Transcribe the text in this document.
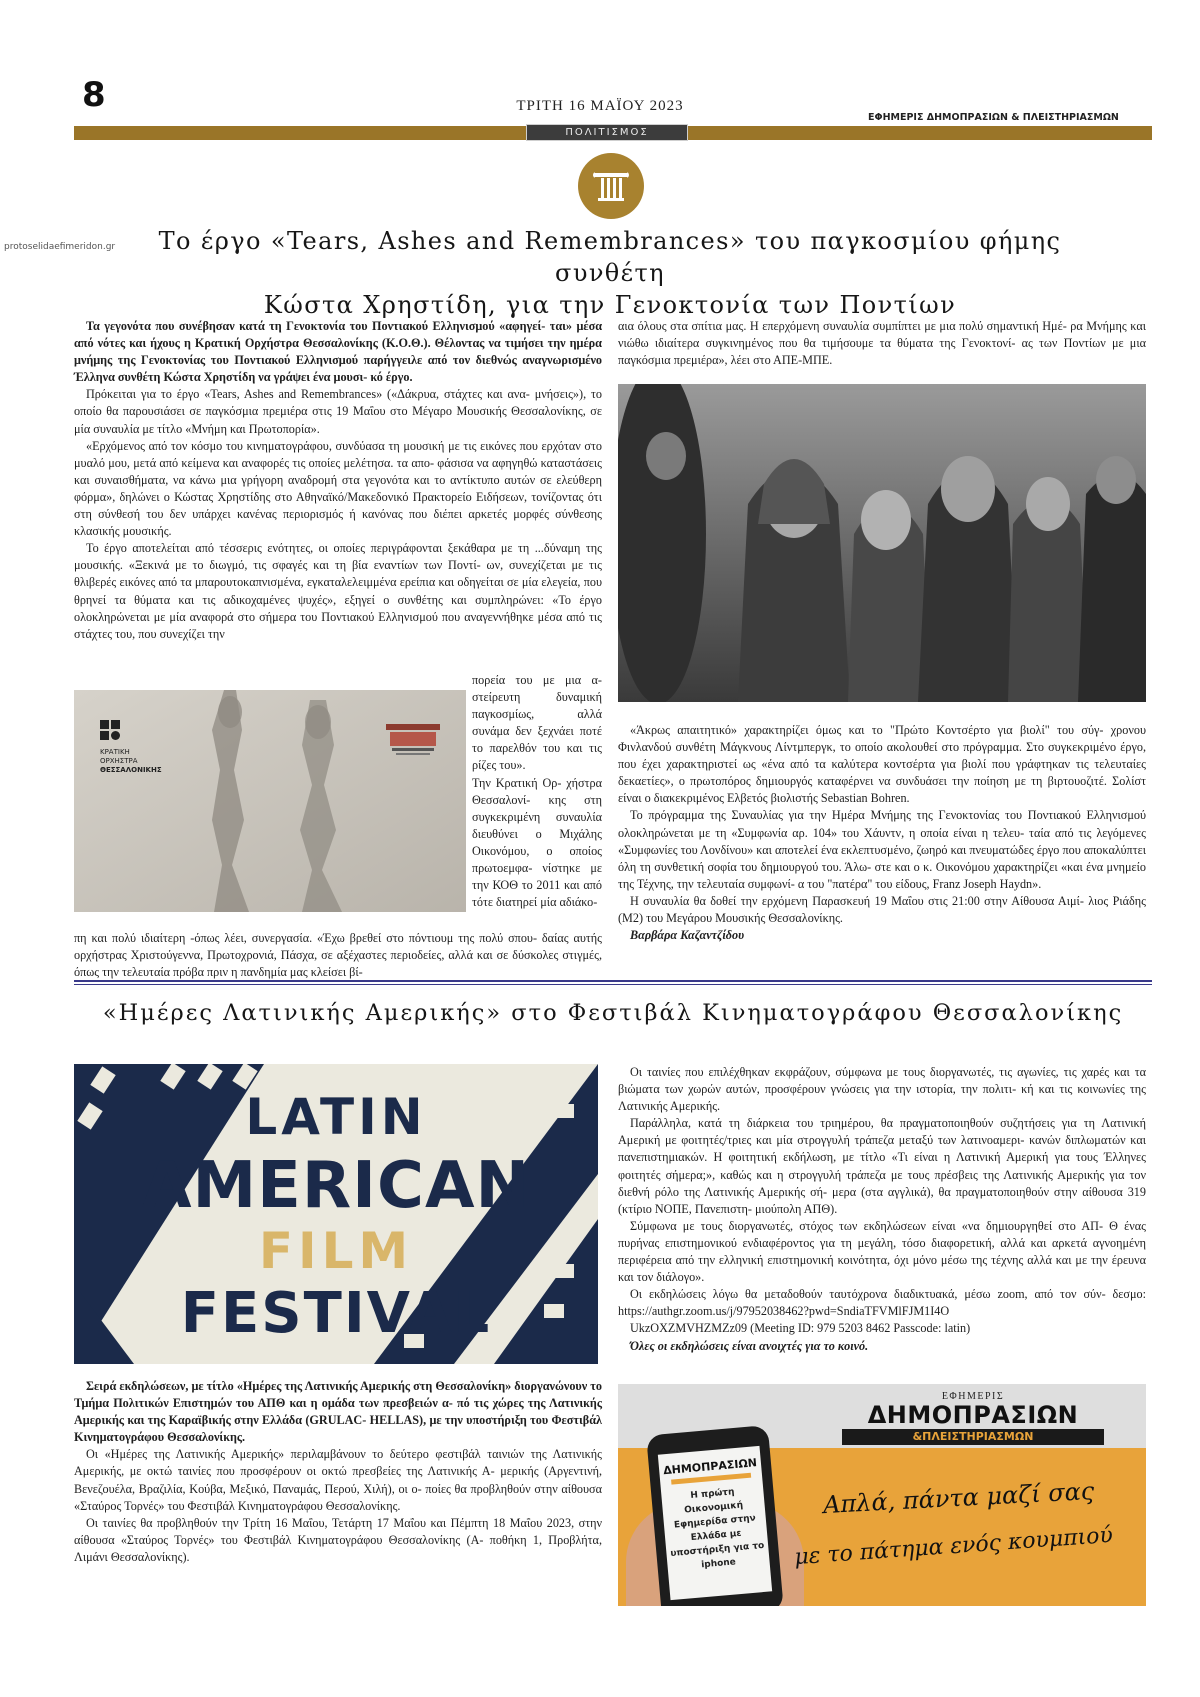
8	ΤΡΙΤΗ 16 ΜΑΪΟΥ 2023
ΕΦΗΜΕΡΙΣ ΔΗΜΟΠΡΑΣΙΩΝ & ΠΛΕΙΣΤΗΡΙΑΣΜΩΝ
ΠΟΛΙΤΙΣΜΟΣ
protoselidaefimeridon.gr	Το έργο «Tears, Ashes and Remembrances» του παγκοσμίου φήμης συνθέτη
Κώστα Χρηστίδη, για την Γενοκτονία των Ποντίων

Τα γεγονότα που συνέβησαν κατά τη Γενοκτονία του Ποντιακού Ελληνισμού «αφηγεί- ται» μέσα από νότες και ήχους η Κρατική Ορχήστρα Θεσσαλονίκης (Κ.Ο.Θ.). Θέλοντας να τιμήσει την ημέρα μνήμης της Γενοκτονίας του Ποντιακού Ελληνισμού παρήγγειλε από τον διεθνώς αναγνωρισμένο Έλληνα συνθέτη Κώστα Χρηστίδη να γράψει ένα μουσι- κό έργο.

Πρόκειται για το έργο «Tears, Ashes and Remembrances» («Δάκρυα, στάχτες και ανα- μνήσεις»), το οποίο θα παρουσιάσει σε παγκόσμια πρεμιέρα στις 19 Μαΐου στο Μέγαρο Μουσικής Θεσσαλονίκης, σε μία συναυλία με τίτλο «Μνήμη και Πρωτοπορία».

«Ερχόμενος από τον κόσμο του κινηματογράφου, συνδύασα τη μουσική με τις εικόνες που ερχόταν στο μυαλό μου, μετά από κείμενα και αναφορές τις οποίες μελέτησα. τα απο- φάσισα να αφηγηθώ καταστάσεις και συναισθήματα, να κάνω μια γρήγορη αναδρομή στα γεγονότα και το αντίκτυπο αυτών σε ελεύθερη φόρμα», δηλώνει ο Κώστας Χρηστίδης στο Αθηναϊκό/Μακεδονικό Πρακτορείο Ειδήσεων, τονίζοντας ότι στη σύνθεσή του δεν υπάρχει κανένας περιορισμός ή κανόνας που διέπει αρκετές μορφές σύνθεσης κλασικής μουσικής.

Το έργο αποτελείται από τέσσερις ενότητες, οι οποίες περιγράφονται ξεκάθαρα με τη ...δύναμη της μουσικής. «Ξεκινά με το διωγμό, τις σφαγές και τη βία εναντίων των Ποντί- ων, συνεχίζεται με τις θλιβερές εικόνες από τα μπαρουτοκαπνισμένα, εγκαταλελειμμένα ερείπια και οδηγείται σε μία ελεγεία, που θρηνεί τα θύματα και τις αδικοχαμένες ψυχές», εξηγεί ο συνθέτης και συμπληρώνει: «Το έργο ολοκληρώνεται με μία αναφορά στο σήμερα του Ποντιακού Ελληνισμού που αναγεννήθηκε μέσα από τις στάχτες του, που συνεχίζει την

ΚΡΑΤΙΚΗ
ΟΡΧΗΣΤΡΑ
ΘΕΣΣΑΛΟΝΙΚΗΣ

πορεία του με μια α- στείρευτη δυναμική παγκοσμίως, αλλά συνάμα δεν ξεχνάει ποτέ το παρελθόν του και τις ρίζες του».

Την Κρατική Ορ- χήστρα Θεσσαλονί- κης στη συγκεκριμένη συναυλία διευθύνει ο Μιχάλης Οικονόμου, ο οποίος πρωτοεμφα- νίστηκε με την ΚΟΘ το 2011 και από τότε διατηρεί μία αδιάκο-

πη και πολύ ιδιαίτερη -όπως λέει, συνεργασία. «Έχω βρεθεί στο πόντιουμ της πολύ σπου- δαίας αυτής ορχήστρας Χριστούγεννα, Πρωτοχρονιά, Πάσχα, σε αξέχαστες περιοδείες, αλλά και σε δύσκολες στιγμές, όπως την τελευταία πρόβα πριν η πανδημία μας κλείσει βί-

αια όλους στα σπίτια μας. Η επερχόμενη συναυλία συμπίπτει με μια πολύ σημαντική Ημέ- ρα Μνήμης και νιώθω ιδιαίτερα συγκινημένος που θα τιμήσουμε τα θύματα της Γενοκτονί- ας των Ποντίων με μια παγκόσμια πρεμιέρα», λέει στο ΑΠΕ-ΜΠΕ.

«Άκρως απαιτητικό» χαρακτηρίζει όμως και το "Πρώτο Κοντσέρτο για βιολί" του σύγ- χρονου Φινλανδού συνθέτη Μάγκνους Λίντμπεργκ, το οποίο ακολουθεί στο πρόγραμμα. Στο συγκεκριμένο έργο, που έχει χαρακτηριστεί ως «ένα από τα καλύτερα κοντσέρτα για βιολί που γράφτηκαν τις τελευταίες δεκαετίες», ο πρωτοπόρος δημιουργός καταφέρνει να συνδυάσει την ποίηση με τη βιρτουοζιτέ. Σολίστ είναι ο διακεκριμένος Ελβετός βιολιστής Sebastian Bohren.

Το πρόγραμμα της Συναυλίας για την Ημέρα Μνήμης της Γενοκτονίας του Ποντιακού Ελληνισμού ολοκληρώνεται με τη «Συμφωνία αρ. 104» του Χάυντν, η οποία είναι η τελευ- ταία από τις λεγόμενες «Συμφωνίες του Λονδίνου» και αποτελεί ένα εκλεπτυσμένο, ζωηρό και πνευματώδες έργο που αποκαλύπτει όλη τη συνθετική σοφία του δημιουργού του. Άλω- στε και ο κ. Οικονόμου χαρακτηρίζει «και ένα μνημείο της Τέχνης, την τελευταία συμφωνί- α του "πατέρα" του είδους, Franz Joseph Haydn».

Η συναυλία θα δοθεί την ερχόμενη Παρασκευή 19 Μαΐου στις 21:00 στην Αίθουσα Αιμί- λιος Ριάδης (Μ2) του Μεγάρου Μουσικής Θεσσαλονίκης.

Βαρβάρα Καζαντζίδου

«Ημέρες Λατινικής Αμερικής» στο Φεστιβάλ Κινηματογράφου Θεσσαλονίκης
LATIN
AMERICAN
FILM
FESTIVAL

Σειρά εκδηλώσεων, με τίτλο «Ημέρες της Λατινικής Αμερικής στη Θεσσαλονίκη» διοργανώνουν το Τμήμα Πολιτικών Επιστημών του ΑΠΘ και η ομάδα των πρεσβειών α- πό τις χώρες της Λατινικής Αμερικής και της Καραϊβικής στην Ελλάδα (GRULAC- HELLAS), με την υποστήριξη του Φεστιβάλ Κινηματογράφου Θεσσαλονίκης.

Οι «Ημέρες της Λατινικής Αμερικής» περιλαμβάνουν το δεύτερο φεστιβάλ ταινιών της Λατινικής Αμερικής, με οκτώ ταινίες που προσφέρουν οι οκτώ πρεσβείες της Λατινικής Α- μερικής (Αργεντινή, Βενεζουέλα, Βραζιλία, Κούβα, Μεξικό, Παναμάς, Περού, Χιλή), οι ο- ποίες θα προβληθούν στην αίθουσα «Σταύρος Τορνές» του Φεστιβάλ Κινηματογράφου Θεσσαλονίκης.

Οι ταινίες θα προβληθούν την Τρίτη 16 Μαΐου, Τετάρτη 17 Μαΐου και Πέμπτη 18 Μαΐου 2023, στην αίθουσα «Σταύρος Τορνές» του Φεστιβάλ Κινηματογράφου Θεσσαλονίκης (Α- ποθήκη 1, Προβλήτα, Λιμάνι Θεσσαλονίκης).

Οι ταινίες που επιλέχθηκαν εκφράζουν, σύμφωνα με τους διοργανωτές, τις αγωνίες, τις χαρές και τα βιώματα των χωρών αυτών, προσφέρουν γνώσεις για την ιστορία, την πολιτι- κή και τις κοινωνίες της Λατινικής Αμερικής.

Παράλληλα, κατά τη διάρκεια του τριημέρου, θα πραγματοποιηθούν συζητήσεις για τη Λατινική Αμερική με φοιτητές/τριες και μία στρογγυλή τράπεζα μεταξύ των λατινοαμερι- κανών διπλωματών και πανεπιστημιακών. Η φοιτητική εκδήλωση, με τίτλο «Τι είναι η Λατινική Αμερική για τους Έλληνες φοιτητές σήμερα;», καθώς και η στρογγυλή τράπεζα με τους πρέσβεις της Λατινικής Αμερικής για τον διεθνή ρόλο της Λατινικής Αμερικής σή- μερα (στα αγγλικά), θα πραγματοποιηθούν στην αίθουσα 319 (κτίριο ΝΟΠΕ, Πανεπιστη- μιούπολη ΑΠΘ).

Σύμφωνα με τους διοργανωτές, στόχος των εκδηλώσεων είναι «να δημιουργηθεί στο ΑΠ- Θ ένας πυρήνας επιστημονικού ενδιαφέροντος για τη μεγάλη, τόσο διαφορετική, αλλά και αρκετά αγνοημένη περιφέρεια από την ελληνική επιστημονική κοινότητα, όχι μόνο μέσω της τέχνης αλλά και με την έρευνα και τον διάλογο».

Οι εκδηλώσεις λόγω θα μεταδοθούν ταυτόχρονα διαδικτυακά, μέσω zoom, από τον σύν- δεσμο: https://authgr.zoom.us/j/97952038462?pwd=SndiaTFVMlFJM1I4O

UkzOXZMVHZMZz09 (Meeting ID: 979 5203 8462 Passcode: latin)

Όλες οι εκδηλώσεις είναι ανοιχτές για το κοινό.

ΕΦΗΜΕΡΙΣ
ΔΗΜΟΠΡΑΣΙΩΝ
&ΠΛΕΙΣΤΗΡΙΑΣΜΩΝ
ΔΗΜΟΠΡΑΣΙΩΝ
Η πρώτη Οικονομική Εφημερίδα στην Ελλάδα με υποστήριξη για το iphone
Απλά, πάντα μαζί σας
με το πάτημα ενός κουμπιού
